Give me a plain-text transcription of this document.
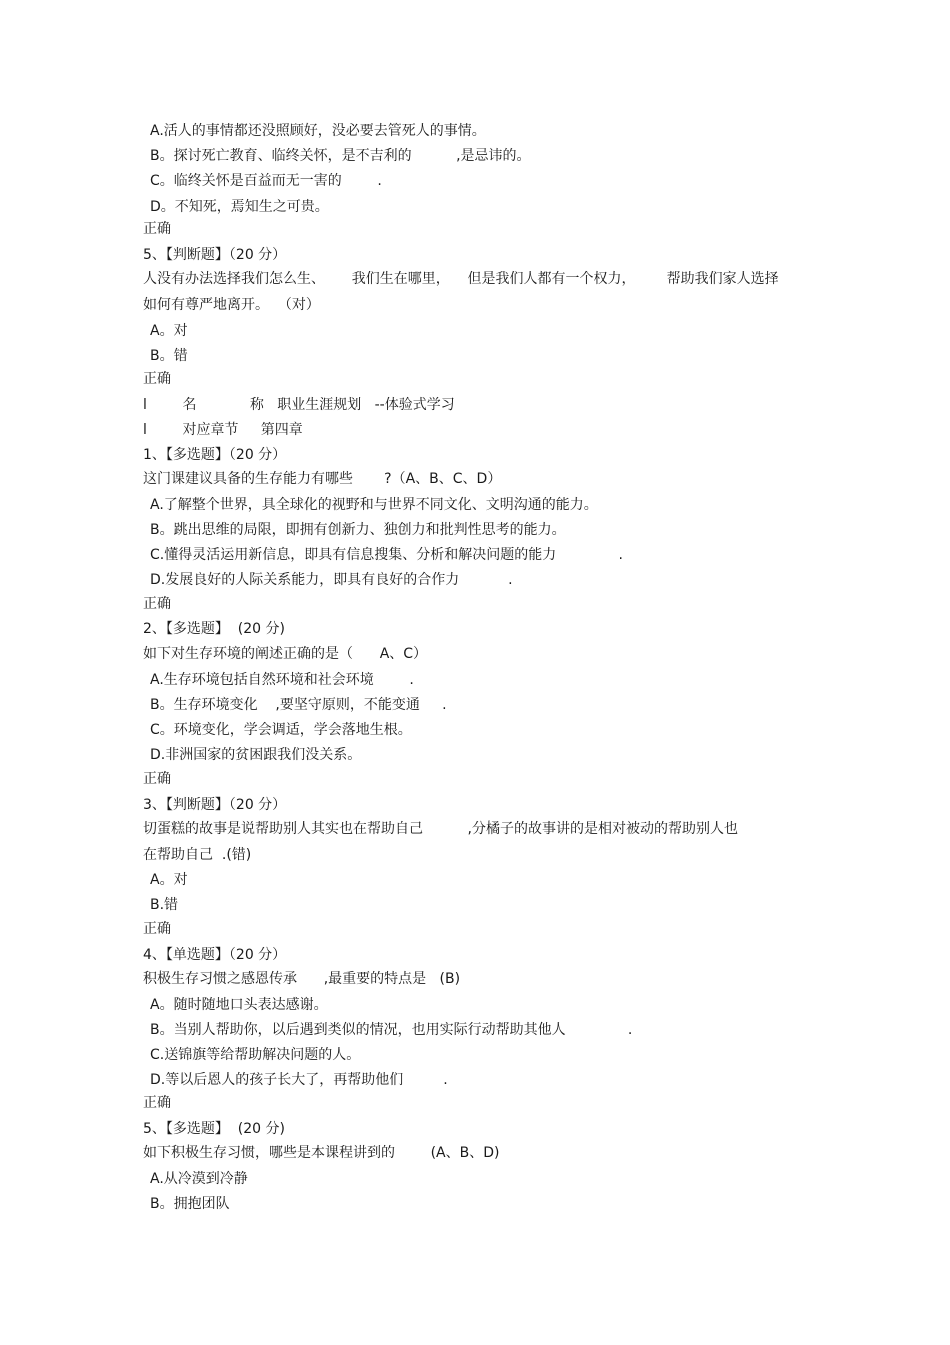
A.活人的事情都还没照顾好，没必要去管死人的事情。
B。探讨死亡教育、临终关怀，是不吉利的          ,是忌讳的。
C。临终关怀是百益而无一害的        .
D。不知死，焉知生之可贵。
正确
5、【判断题】（20 分）
人没有办法选择我们怎么生、      我们生在哪里，    但是我们人都有一个权力，       帮助我们家人选择
如何有尊严地离开。  （对）
A。对
B。错
正确
l        名            称   职业生涯规划   --体验式学习
l        对应章节     第四章
1、【多选题】（20 分）
这门课建议具备的生存能力有哪些       ?（A、B、C、D）
A.了解整个世界，具全球化的视野和与世界不同文化、文明沟通的能力。
B。跳出思维的局限，即拥有创新力、独创力和批判性思考的能力。
C.懂得灵活运用新信息，即具有信息搜集、分析和解决问题的能力              .
D.发展良好的人际关系能力，即具有良好的合作力           .
正确
2、【多选题】  (20 分)
如下对生存环境的阐述正确的是（      A、C）
A.生存环境包括自然环境和社会环境        .
B。生存环境变化    ,要坚守原则，不能变通     .
C。环境变化，学会调适，学会落地生根。
D.非洲国家的贫困跟我们没关系。
正确
3、【判断题】（20 分）
切蛋糕的故事是说帮助别人其实也在帮助自己          ,分橘子的故事讲的是相对被动的帮助别人也
在帮助自己  .(错)
A。对
B.错
正确
4、【单选题】（20 分）
积极生存习惯之感恩传承      ,最重要的特点是   (B)
A。随时随地口头表达感谢。
B。当别人帮助你，以后遇到类似的情况，也用实际行动帮助其他人              .
C.送锦旗等给帮助解决问题的人。
D.等以后恩人的孩子长大了，再帮助他们         .
正确
5、【多选题】  (20 分)
如下积极生存习惯，哪些是本课程讲到的        (A、B、D)
A.从冷漠到冷静
B。拥抱团队
